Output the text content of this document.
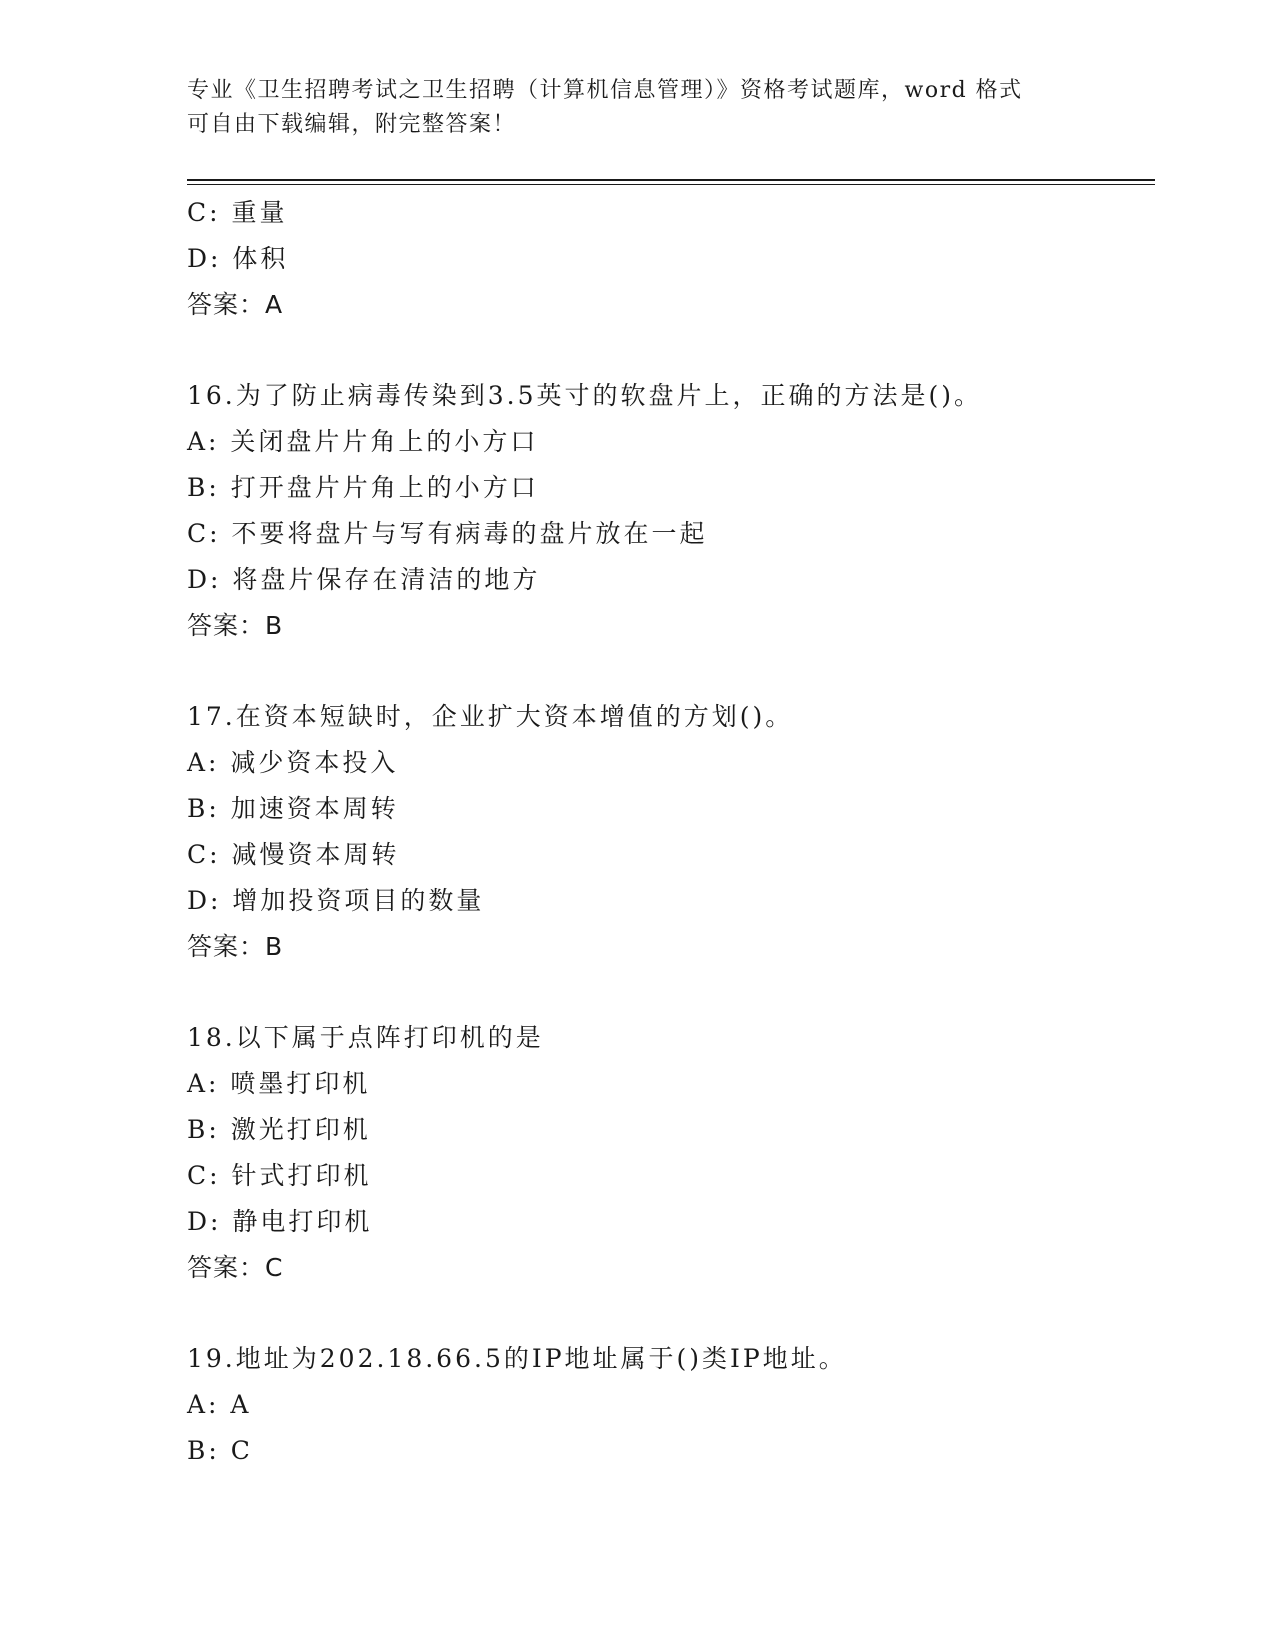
专业《卫生招聘考试之卫生招聘（计算机信息管理）》资格考试题库，word 格式
可自由下载编辑，附完整答案！
C: 重量
D: 体积
答案：A
16.为了防止病毒传染到3.5英寸的软盘片上，正确的方法是()。
A: 关闭盘片片角上的小方口
B: 打开盘片片角上的小方口
C: 不要将盘片与写有病毒的盘片放在一起
D: 将盘片保存在清洁的地方
答案：B
17.在资本短缺时，企业扩大资本增值的方划()。
A: 减少资本投入
B: 加速资本周转
C: 减慢资本周转
D: 增加投资项目的数量
答案：B
18.以下属于点阵打印机的是
A: 喷墨打印机
B: 激光打印机
C: 针式打印机
D: 静电打印机
答案：C
19.地址为202.18.66.5的IP地址属于()类IP地址。
A: A
B: C
